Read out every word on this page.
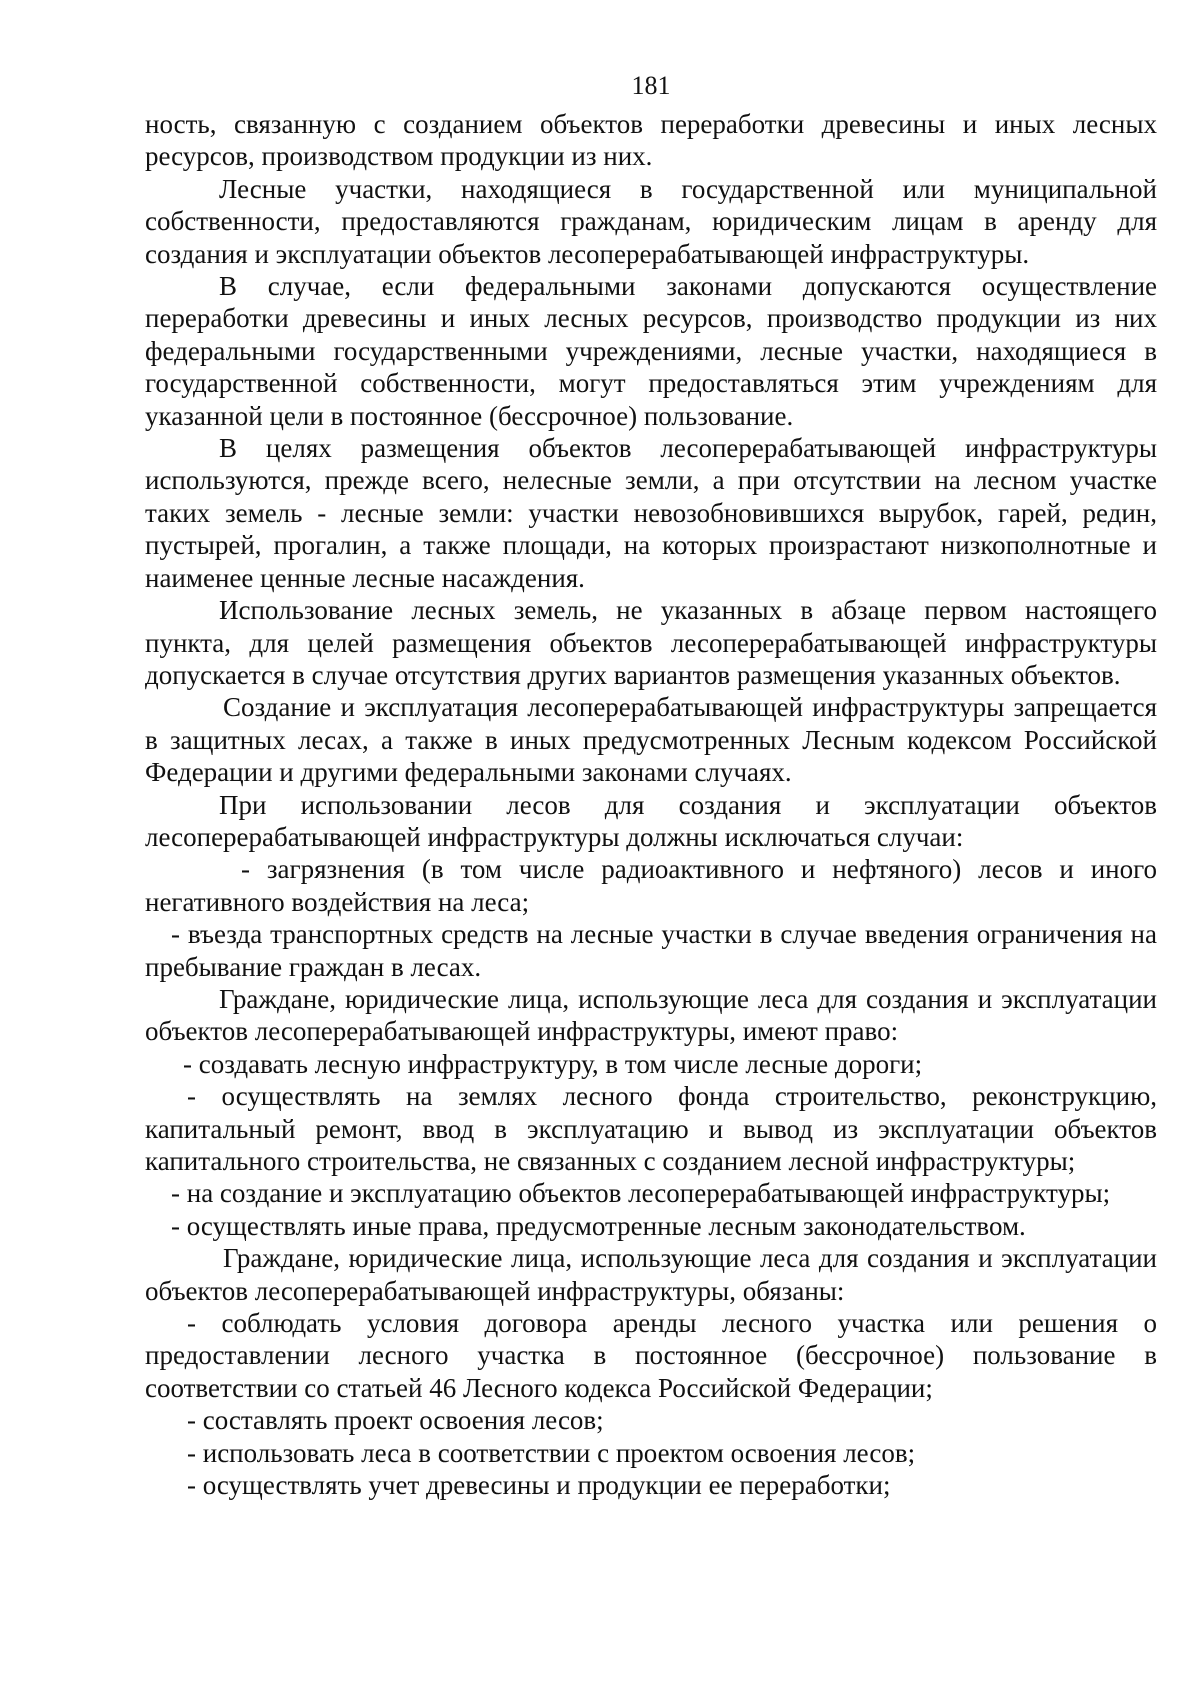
181

ность, связанную с созданием объектов переработки древесины и иных лесных ресурсов, производством продукции из них.

Лесные участки, находящиеся в государственной или муниципальной собственности, предоставляются гражданам, юридическим лицам в аренду для создания и эксплуатации объектов лесоперерабатывающей инфраструктуры.

В случае, если федеральными законами допускаются осуществление переработки древесины и иных лесных ресурсов, производство продукции из них федеральными государственными учреждениями, лесные участки, находящиеся в государственной собственности, могут предоставляться этим учреждениям для указанной цели в постоянное (бессрочное) пользование.

В целях размещения объектов лесоперерабатывающей инфраструктуры используются, прежде всего, нелесные земли, а при отсутствии на лесном участке таких земель - лесные земли: участки невозобновившихся вырубок, гарей, редин, пустырей, прогалин, а также площади, на которых произрастают низкополнотные и наименее ценные лесные насаждения.

Использование лесных земель, не указанных в абзаце первом настоящего пункта, для целей размещения объектов лесоперерабатывающей инфраструктуры допускается в случае отсутствия других вариантов размещения указанных объектов.

Создание и эксплуатация лесоперерабатывающей инфраструктуры запрещается в защитных лесах, а также в иных предусмотренных Лесным кодексом Российской Федерации и другими федеральными законами случаях.

При использовании лесов для создания и эксплуатации объектов лесоперерабатывающей инфраструктуры должны исключаться случаи:

- загрязнения (в том числе радиоактивного и нефтяного) лесов и иного негативного воздействия на леса;

- въезда транспортных средств на лесные участки в случае введения ограничения на пребывание граждан в лесах.

Граждане, юридические лица, использующие леса для создания и эксплуатации объектов лесоперерабатывающей инфраструктуры, имеют право:

- создавать лесную инфраструктуру, в том числе лесные дороги;

- осуществлять на землях лесного фонда строительство, реконструкцию, капитальный ремонт, ввод в эксплуатацию и вывод из эксплуатации объектов капитального строительства, не связанных с созданием лесной инфраструктуры;

- на создание и эксплуатацию объектов лесоперерабатывающей инфраструктуры;

- осуществлять иные права, предусмотренные лесным законодательством.

Граждане, юридические лица, использующие леса для создания и эксплуатации объектов лесоперерабатывающей инфраструктуры, обязаны:

- соблюдать условия договора аренды лесного участка или решения о предоставлении лесного участка в постоянное (бессрочное) пользование в соответствии со статьей 46 Лесного кодекса Российской Федерации;

- составлять проект освоения лесов;

- использовать леса в соответствии с проектом освоения лесов;

- осуществлять учет древесины и продукции ее переработки;
